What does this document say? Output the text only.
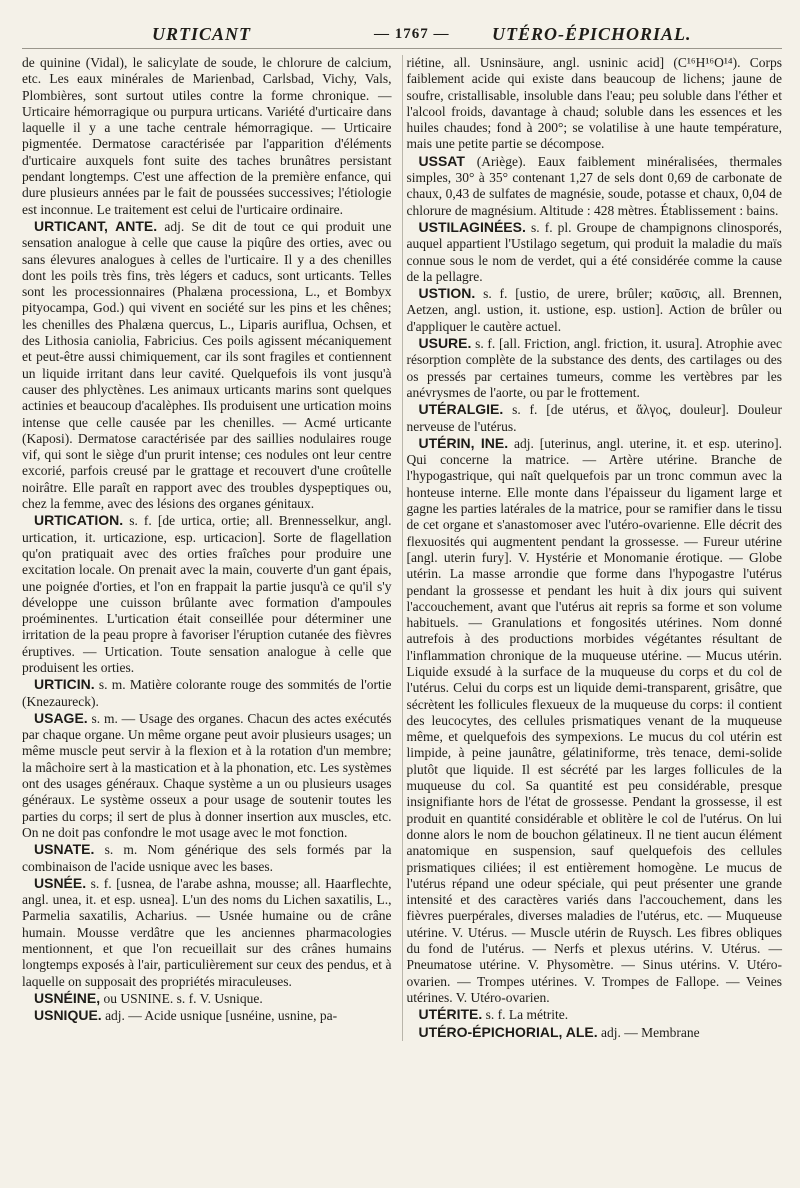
URTICANT	— 1767 — UTÉRO-ÉPICHORIAL.

de quinine (Vidal), le salicylate de soude, le chlorure de calcium, etc. Les eaux minérales de Marienbad, Carlsbad, Vichy, Vals, Plombières, sont surtout utiles contre la forme chronique. — Urticaire hémorragique ou purpura urticans. Variété d'urticaire dans laquelle il y a une tache centrale hémorragique. — Urticaire pigmentée. Dermatose caractérisée par l'apparition d'éléments d'urticaire auxquels font suite des taches brunâtres persistant pendant longtemps. C'est une affection de la première enfance, qui dure plusieurs années par le fait de poussées successives; l'étiologie est inconnue. Le traitement est celui de l'urticaire ordinaire.

URTICANT, ANTE. adj. Se dit de tout ce qui produit une sensation analogue à celle que cause la piqûre des orties, avec ou sans élevures analogues à celles de l'urticaire. Il y a des chenilles dont les poils très fins, très légers et caducs, sont urticants. Telles sont les processionnaires (Phalæna processiona, L., et Bombyx pityocampa, God.) qui vivent en société sur les pins et les chênes; les chenilles des Phalæna quercus, L., Liparis auriflua, Ochsen, et des Lithosia caniolia, Fabricius. Ces poils agissent mécaniquement et peut-être aussi chimiquement, car ils sont fragiles et contiennent un liquide irritant dans leur cavité. Quelquefois ils vont jusqu'à causer des phlyctènes. Les animaux urticants marins sont quelques actinies et beaucoup d'acalèphes. Ils produisent une urtication moins intense que celle causée par les chenilles. — Acmé urticante (Kaposi). Dermatose caractérisée par des saillies nodulaires rouge vif, qui sont le siège d'un prurit intense; ces nodules ont leur centre excorié, parfois creusé par le grattage et recouvert d'une croûtelle noirâtre. Elle paraît en rapport avec des troubles dyspeptiques ou, chez la femme, avec des lésions des organes génitaux.

URTICATION. s. f. [de urtica, ortie; all. Brennesselkur, angl. urtication, it. urticazione, esp. urticacion]. Sorte de flagellation qu'on pratiquait avec des orties fraîches pour produire une excitation locale. On prenait avec la main, couverte d'un gant épais, une poignée d'orties, et l'on en frappait la partie jusqu'à ce qu'il s'y développe une cuisson brûlante avec formation d'ampoules proéminentes. L'urtication était conseillée pour déterminer une irritation de la peau propre à favoriser l'éruption cutanée des fièvres éruptives. — Urtication. Toute sensation analogue à celle que produisent les orties.

URTICIN. s. m. Matière colorante rouge des sommités de l'ortie (Knezaureck).

USAGE. s. m. — Usage des organes. Chacun des actes exécutés par chaque organe. Un même organe peut avoir plusieurs usages; un même muscle peut servir à la flexion et à la rotation d'un membre; la mâchoire sert à la mastication et à la phonation, etc. Les systèmes ont des usages généraux. Chaque système a un ou plusieurs usages généraux. Le système osseux a pour usage de soutenir toutes les parties du corps; il sert de plus à donner insertion aux muscles, etc. On ne doit pas confondre le mot usage avec le mot fonction.

USNATE. s. m. Nom générique des sels formés par la combinaison de l'acide usnique avec les bases.

USNÉE. s. f. [usnea, de l'arabe ashna, mousse; all. Haarflechte, angl. unea, it. et esp. usnea]. L'un des noms du Lichen saxatilis, L., Parmelia saxatilis, Acharius. — Usnée humaine ou de crâne humain. Mousse verdâtre que les anciennes pharmacologies mentionnent, et que l'on recueillait sur des crânes humains longtemps exposés à l'air, particulièrement sur ceux des pendus, et à laquelle on supposait des propriétés miraculeuses.

USNÉINE, ou USNINE. s. f. V. Usnique.

USNIQUE. adj. — Acide usnique [usnéine, usnine, pa-

riétine, all. Usninsäure, angl. usninic acid] (C¹⁶H¹⁶O¹⁴). Corps faiblement acide qui existe dans beaucoup de lichens; jaune de soufre, cristallisable, insoluble dans l'eau; peu soluble dans l'éther et l'alcool froids, davantage à chaud; soluble dans les essences et les huiles chaudes; fond à 200°; se volatilise à une haute température, mais une petite partie se décompose.

USSAT (Ariège). Eaux faiblement minéralisées, thermales simples, 30° à 35° contenant 1,27 de sels dont 0,69 de carbonate de chaux, 0,43 de sulfates de magnésie, soude, potasse et chaux, 0,04 de chlorure de magnésium. Altitude : 428 mètres. Établissement : bains.

USTILAGINÉES. s. f. pl. Groupe de champignons clinosporés, auquel appartient l'Ustilago segetum, qui produit la maladie du maïs connue sous le nom de verdet, qui a été considérée comme la cause de la pellagre.

USTION. s. f. [ustio, de urere, brûler; καῦσις, all. Brennen, Aetzen, angl. ustion, it. ustione, esp. ustion]. Action de brûler ou d'appliquer le cautère actuel.

USURE. s. f. [all. Friction, angl. friction, it. usura]. Atrophie avec résorption complète de la substance des dents, des cartilages ou des os pressés par certaines tumeurs, comme les vertèbres par les anévrysmes de l'aorte, ou par le frottement.

UTÉRALGIE. s. f. [de utérus, et ἄλγος, douleur]. Douleur nerveuse de l'utérus.

UTÉRIN, INE. adj. [uterinus, angl. uterine, it. et esp. uterino]. Qui concerne la matrice. — Artère utérine. Branche de l'hypogastrique, qui naît quelquefois par un tronc commun avec la honteuse interne. Elle monte dans l'épaisseur du ligament large et gagne les parties latérales de la matrice, pour se ramifier dans le tissu de cet organe et s'anastomoser avec l'utéro-ovarienne. Elle décrit des flexuosités qui augmentent pendant la grossesse. — Fureur utérine [angl. uterin fury]. V. Hystérie et Monomanie érotique. — Globe utérin. La masse arrondie que forme dans l'hypogastre l'utérus pendant la grossesse et pendant les huit à dix jours qui suivent l'accouchement, avant que l'utérus ait repris sa forme et son volume habituels. — Granulations et fongosités utérines. Nom donné autrefois à des productions morbides végétantes résultant de l'inflammation chronique de la muqueuse utérine. — Mucus utérin. Liquide exsudé à la surface de la muqueuse du corps et du col de l'utérus. Celui du corps est un liquide demi-transparent, grisâtre, que sécrètent les follicules flexueux de la muqueuse du corps: il contient des leucocytes, des cellules prismatiques venant de la muqueuse même, et quelquefois des sympexions. Le mucus du col utérin est limpide, à peine jaunâtre, gélatiniforme, très tenace, demi-solide plutôt que liquide. Il est sécrété par les larges follicules de la muqueuse du col. Sa quantité est peu considérable, presque insignifiante hors de l'état de grossesse. Pendant la grossesse, il est produit en quantité considérable et oblitère le col de l'utérus. On lui donne alors le nom de bouchon gélatineux. Il ne tient aucun élément anatomique en suspension, sauf quelquefois des cellules prismatiques ciliées; il est entièrement homogène. Le mucus de l'utérus répand une odeur spéciale, qui peut présenter une grande intensité et des caractères variés dans l'accouchement, dans les fièvres puerpérales, diverses maladies de l'utérus, etc. — Muqueuse utérine. V. Utérus. — Muscle utérin de Ruysch. Les fibres obliques du fond de l'utérus. — Nerfs et plexus utérins. V. Utérus. — Pneumatose utérine. V. Physomètre. — Sinus utérins. V. Utéro-ovarien. — Trompes utérines. V. Trompes de Fallope. — Veines utérines. V. Utéro-ovarien.

UTÉRITE. s. f. La métrite.

UTÉRO-ÉPICHORIAL, ALE. adj. — Membrane
